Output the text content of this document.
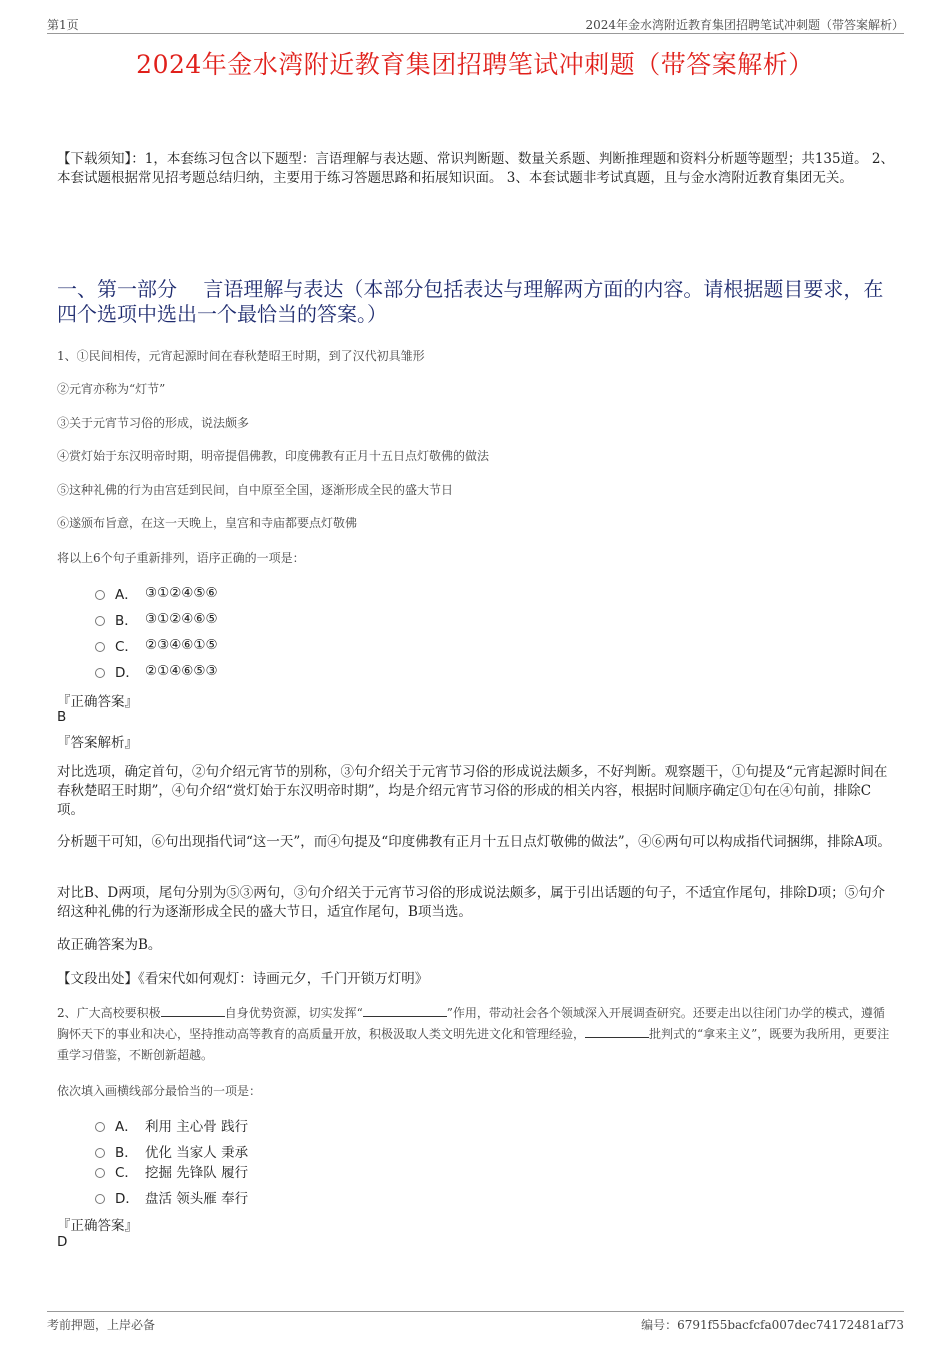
第1页	2024年金水湾附近教育集团招聘笔试冲刺题（带答案解析）
2024年金水湾附近教育集团招聘笔试冲刺题（带答案解析）
【下载须知】：1，本套练习包含以下题型：言语理解与表达题、常识判断题、数量关系题、判断推理题和资料分析题等题型；共135道。 2、本套试题根据常见招考题总结归纳，主要用于练习答题思路和拓展知识面。 3、本套试题非考试真题，且与金水湾附近教育集团无关。
一、第一部分　 言语理解与表达（本部分包括表达与理解两方面的内容。请根据题目要求，在四个选项中选出一个最恰当的答案。）
1、①民间相传，元宵起源时间在春秋楚昭王时期，到了汉代初具雏形
②元宵亦称为“灯节”
③关于元宵节习俗的形成，说法颇多
④赏灯始于东汉明帝时期，明帝提倡佛教，印度佛教有正月十五日点灯敬佛的做法
⑤这种礼佛的行为由宫廷到民间，自中原至全国，逐渐形成全民的盛大节日
⑥遂颁布旨意，在这一天晚上，皇宫和寺庙都要点灯敬佛
将以上6个句子重新排列，语序正确的一项是：
A． ③①②④⑤⑥
B． ③①②④⑥⑤
C． ②③④⑥①⑤
D． ②①④⑥⑤③
『正确答案』
B
『答案解析』
对比选项，确定首句，②句介绍元宵节的别称，③句介绍关于元宵节习俗的形成说法颇多，不好判断。观察题干，①句提及“元宵起源时间在春秋楚昭王时期”，④句介绍“赏灯始于东汉明帝时期”，均是介绍元宵节习俗的形成的相关内容，根据时间顺序确定①句在④句前，排除C项。
分析题干可知，⑥句出现指代词“这一天”，而④句提及“印度佛教有正月十五日点灯敬佛的做法”，④⑥两句可以构成指代词捆绑，排除A项。
对比B、D两项，尾句分别为⑤③两句，③句介绍关于元宵节习俗的形成说法颇多，属于引出话题的句子，不适宜作尾句，排除D项；⑤句介绍这种礼佛的行为逐渐形成全民的盛大节日，适宜作尾句，B项当选。
故正确答案为B。
【文段出处】《看宋代如何观灯：诗画元夕，千门开锁万灯明》
2、广大高校要积极	自身优势资源，切实发挥“	”作用，带动社会各个领域深入开展调查研究。还要走出以往闭门办学的模式，遵循胸怀天下的事业和决心，坚持推动高等教育的高质量开放，积极汲取人类文明先进文化和管理经验，	批判式的“拿来主义”，既要为我所用，更要注重学习借鉴，不断创新超越。
依次填入画横线部分最恰当的一项是：
A． 利用 主心骨 践行
B． 优化 当家人 秉承
C． 挖掘 先锋队 履行
D． 盘活 领头雁 奉行
『正确答案』
D
考前押题，上岸必备	编号：6791f55bacfcfa007dec74172481af73
